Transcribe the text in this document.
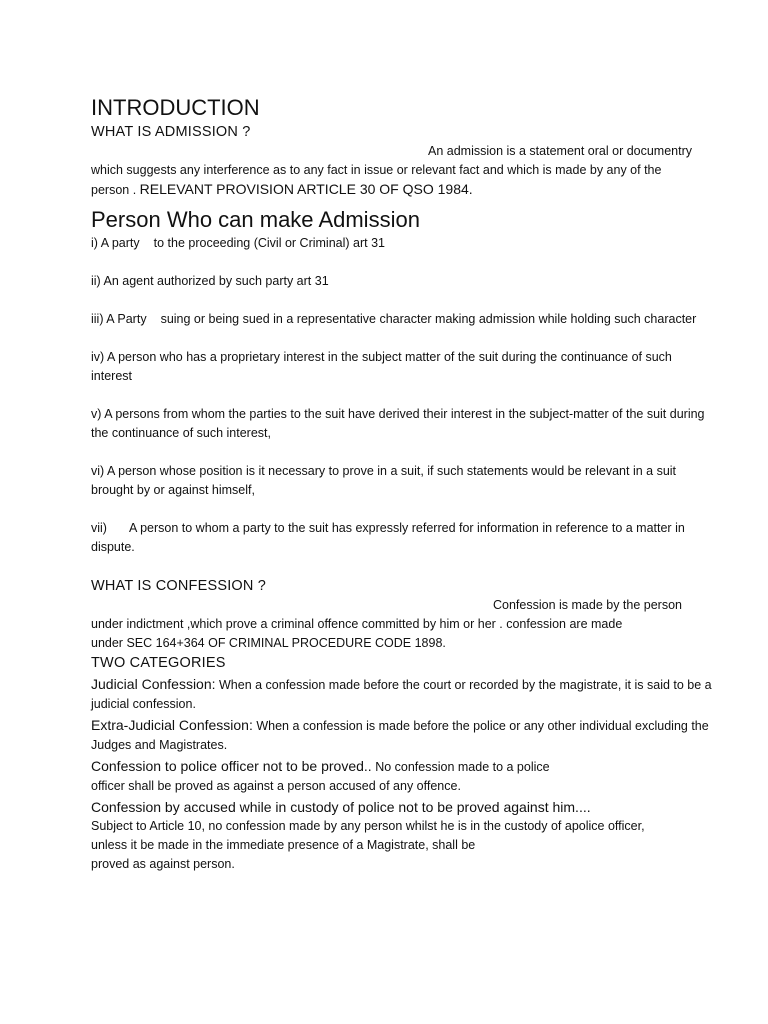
INTRODUCTION
WHAT IS ADMISSION ?

An admission is a statement oral or documentry
which suggests any interference as to any fact in issue or relevant fact and which is made by any of the
person . RELEVANT PROVISION ARTICLE 30 OF QSO 1984.

Person Who can make Admission

i) A party to the proceeding (Civil or Criminal) art 31

ii) An agent authorized by such party art 31

iii) A Party suing or being sued in a representative character making admission while holding such character

iv) A person who has a proprietary interest in the subject matter of the suit during the continuance of such interest

v) A persons from whom the parties to the suit have derived their interest in the subject-matter of the suit during the continuance of such interest,

vi) A person whose position is it necessary to prove in a suit, if such statements would be relevant in a suit brought by or against himself,

vii) A person to whom a party to the suit has expressly referred for information in reference to a matter in dispute.

WHAT IS CONFESSION ?

Confession is made by the person
under indictment ,which prove a criminal offence committed by him or her . confession are made
under SEC 164+364 OF CRIMINAL PROCEDURE CODE 1898.

TWO CATEGORIES

Judicial Confession: When a confession made before the court or recorded by the magistrate, it is said to be a judicial confession.

Extra-Judicial Confession: When a confession is made before the police or any other individual excluding the Judges and Magistrates.

Confession to police officer not to be proved.. No confession made to a police
officer shall be proved as against a person accused of any offence.

Confession by accused while in custody of police not to be proved against him....
Subject to Article 10, no confession made by any person whilst he is in the custody of apolice officer,
unless it be made in the immediate presence of a Magistrate, shall be
proved as against person.
